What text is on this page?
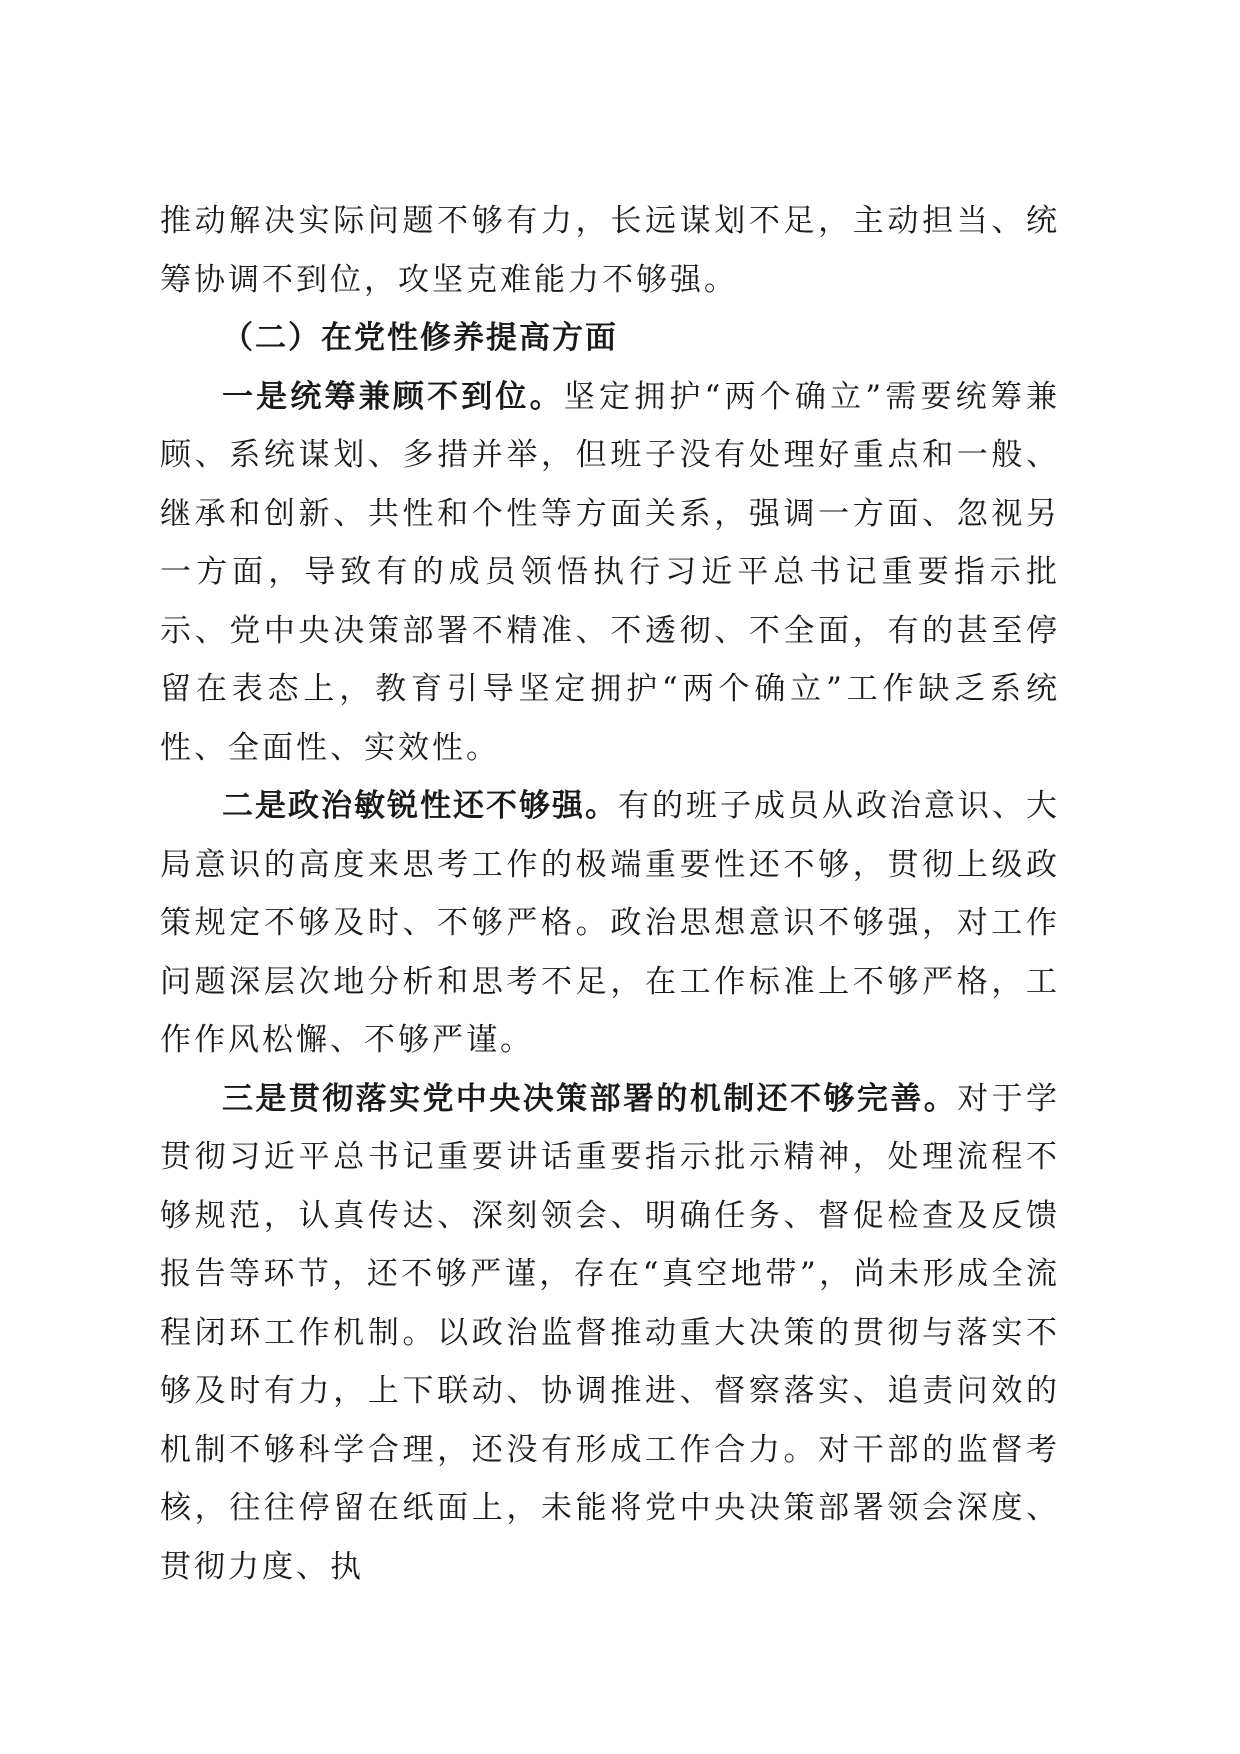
推动解决实际问题不够有力，长远谋划不足，主动担当、统筹协调不到位，攻坚克难能力不够强。

（二）在党性修养提高方面

一是统筹兼顾不到位。坚定拥护“两个确立”需要统筹兼顾、系统谋划、多措并举，但班子没有处理好重点和一般、继承和创新、共性和个性等方面关系，强调一方面、忽视另一方面，导致有的成员领悟执行习近平总书记重要指示批示、党中央决策部署不精准、不透彻、不全面，有的甚至停留在表态上，教育引导坚定拥护“两个确立”工作缺乏系统性、全面性、实效性。

二是政治敏锐性还不够强。有的班子成员从政治意识、大局意识的高度来思考工作的极端重要性还不够，贯彻上级政策规定不够及时、不够严格。政治思想意识不够强，对工作问题深层次地分析和思考不足，在工作标准上不够严格，工作作风松懈、不够严谨。

三是贯彻落实党中央决策部署的机制还不够完善。对于学贯彻习近平总书记重要讲话重要指示批示精神，处理流程不够规范，认真传达、深刻领会、明确任务、督促检查及反馈报告等环节，还不够严谨，存在“真空地带”，尚未形成全流程闭环工作机制。以政治监督推动重大决策的贯彻与落实不够及时有力，上下联动、协调推进、督察落实、追责问效的机制不够科学合理，还没有形成工作合力。对干部的监督考核，往往停留在纸面上，未能将党中央决策部署领会深度、贯彻力度、执
